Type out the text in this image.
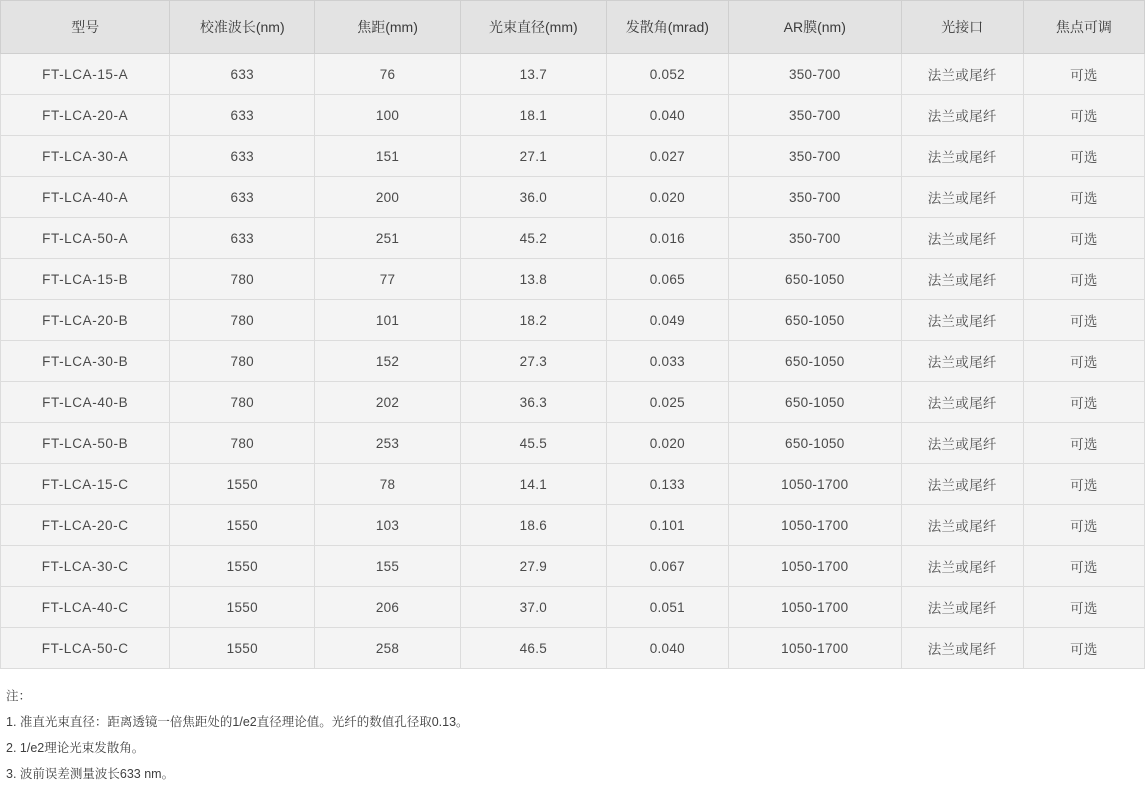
型号	校准波长(nm)	焦距(mm)	光束直径(mm)	发散角(mrad)	AR膜(nm)	光接口	焦点可调
FT-LCA-15-A	633	76	13.7	0.052	350-700	法兰或尾纤	可选
FT-LCA-20-A	633	100	18.1	0.040	350-700	法兰或尾纤	可选
FT-LCA-30-A	633	151	27.1	0.027	350-700	法兰或尾纤	可选
FT-LCA-40-A	633	200	36.0	0.020	350-700	法兰或尾纤	可选
FT-LCA-50-A	633	251	45.2	0.016	350-700	法兰或尾纤	可选
FT-LCA-15-B	780	77	13.8	0.065	650-1050	法兰或尾纤	可选
FT-LCA-20-B	780	101	18.2	0.049	650-1050	法兰或尾纤	可选
FT-LCA-30-B	780	152	27.3	0.033	650-1050	法兰或尾纤	可选
FT-LCA-40-B	780	202	36.3	0.025	650-1050	法兰或尾纤	可选
FT-LCA-50-B	780	253	45.5	0.020	650-1050	法兰或尾纤	可选
FT-LCA-15-C	1550	78	14.1	0.133	1050-1700	法兰或尾纤	可选
FT-LCA-20-C	1550	103	18.6	0.101	1050-1700	法兰或尾纤	可选
FT-LCA-30-C	1550	155	27.9	0.067	1050-1700	法兰或尾纤	可选
FT-LCA-40-C	1550	206	37.0	0.051	1050-1700	法兰或尾纤	可选
FT-LCA-50-C	1550	258	46.5	0.040	1050-1700	法兰或尾纤	可选
注：
1. 准直光束直径：距离透镜一倍焦距处的1/e2直径理论值。光纤的数值孔径取0.13。
2. 1/e2理论光束发散角。
3. 波前误差测量波长633 nm。
